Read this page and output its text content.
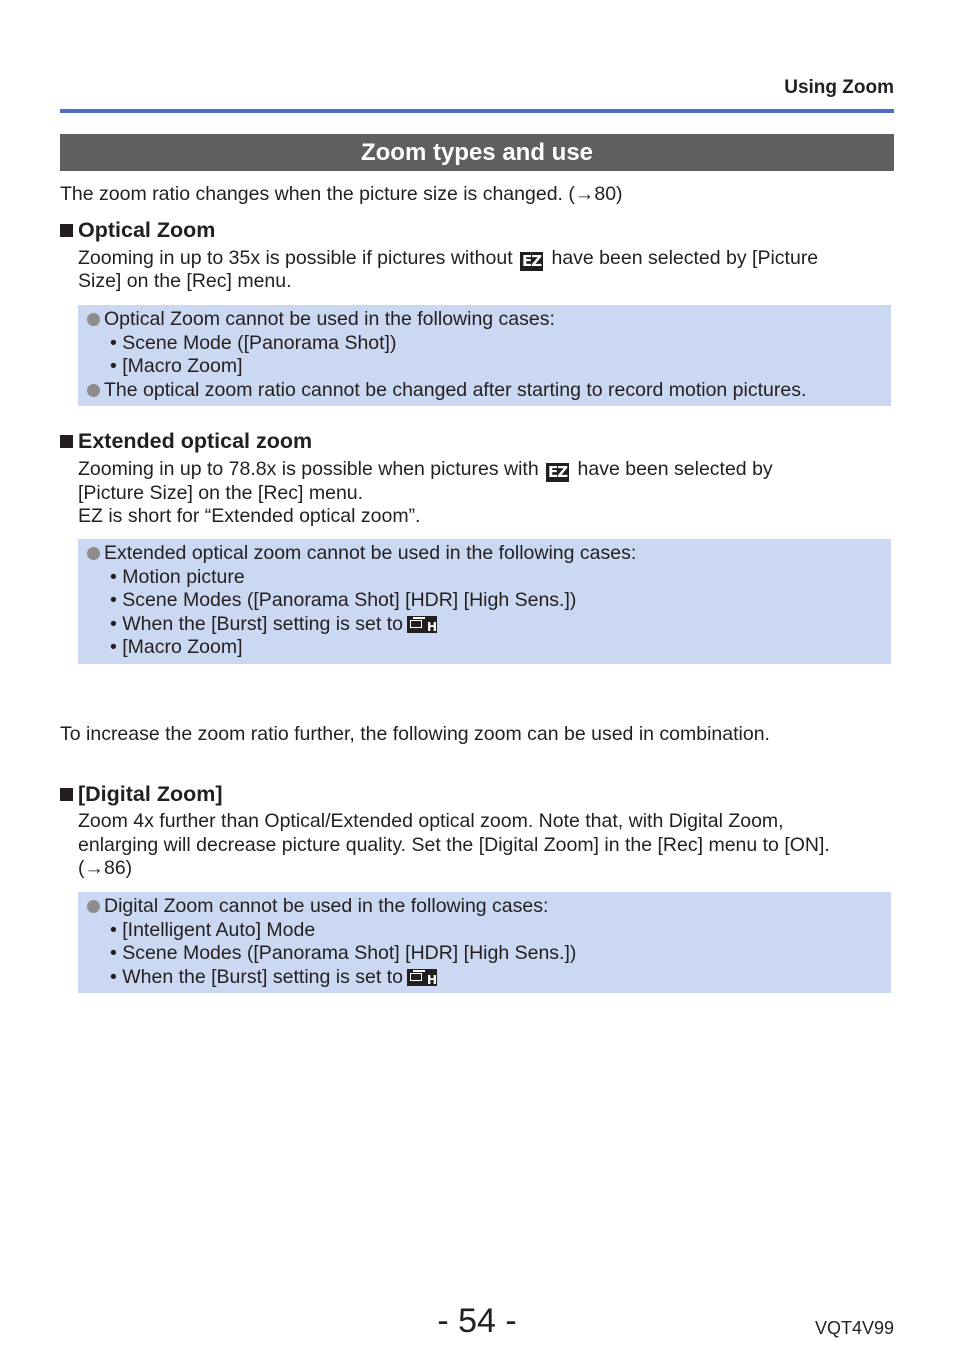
Using Zoom
Zoom types and use
The zoom ratio changes when the picture size is changed. (→80)
Optical Zoom
Zooming in up to 35x is possible if pictures without EZ have been selected by [Picture
Size] on the [Rec] menu.
Optical Zoom cannot be used in the following cases:
• Scene Mode ([Panorama Shot])
• [Macro Zoom]
The optical zoom ratio cannot be changed after starting to record motion pictures.
Extended optical zoom
Zooming in up to 78.8x is possible when pictures with EZ have been selected by
[Picture Size] on the [Rec] menu.
EZ is short for “Extended optical zoom”.
Extended optical zoom cannot be used in the following cases:
• Motion picture
• Scene Modes ([Panorama Shot] [HDR] [High Sens.])
• When the [Burst] setting is set to H
• [Macro Zoom]
To increase the zoom ratio further, the following zoom can be used in combination.
[Digital Zoom]
Zoom 4x further than Optical/Extended optical zoom. Note that, with Digital Zoom,
enlarging will decrease picture quality. Set the [Digital Zoom] in the [Rec] menu to [ON].
(→86)
Digital Zoom cannot be used in the following cases:
• [Intelligent Auto] Mode
• Scene Modes ([Panorama Shot] [HDR] [High Sens.])
• When the [Burst] setting is set to H
- 54 -	VQT4V99
